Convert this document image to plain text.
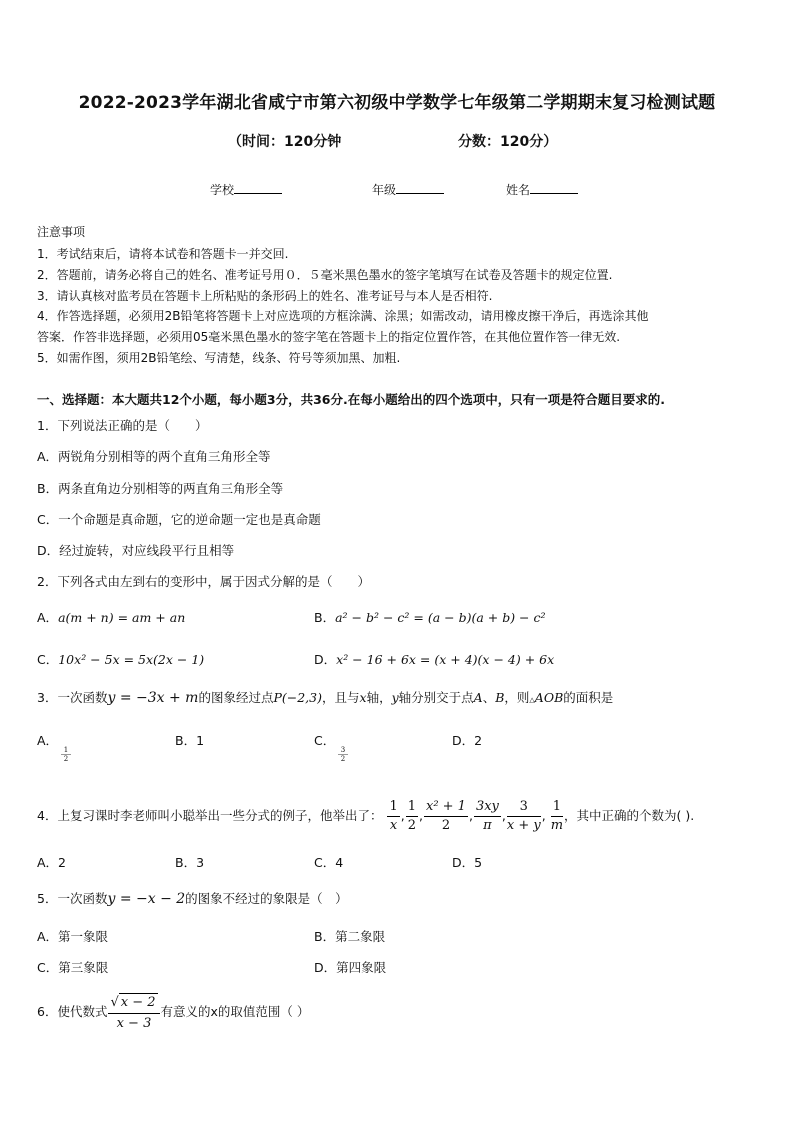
2022-2023学年湖北省咸宁市第六初级中学数学七年级第二学期期末复习检测试题
（时间：120分钟	分数：120分）
学校	年级	姓名
注意事项
1．考试结束后，请将本试卷和答题卡一并交回.
2．答题前，请务必将自己的姓名、准考证号用０．５毫米黑色墨水的签字笔填写在试卷及答题卡的规定位置.
3．请认真核对监考员在答题卡上所粘贴的条形码上的姓名、准考证号与本人是否相符.
4．作答选择题，必须用2B铅笔将答题卡上对应选项的方框涂满、涂黑；如需改动，请用橡皮擦干净后，再选涂其他
答案．作答非选择题，必须用05毫米黑色墨水的签字笔在答题卡上的指定位置作答，在其他位置作答一律无效.
5．如需作图，须用2B铅笔绘、写清楚，线条、符号等须加黑、加粗.
一、选择题：本大题共12个小题，每小题3分，共36分.在每小题给出的四个选项中，只有一项是符合题目要求的.
1．下列说法正确的是（　　）
A．两锐角分别相等的两个直角三角形全等
B．两条直角边分别相等的两直角三角形全等
C．一个命题是真命题，它的逆命题一定也是真命题
D．经过旋转，对应线段平行且相等
2．下列各式由左到右的变形中，属于因式分解的是（　　）
A．a(m + n) = am + an	B．a² − b² − c² = (a − b)(a + b) − c²
C．10x² − 5x = 5x(2x − 1)	D．x² − 16 + 6x = (x + 4)(x − 4) + 6x
3．一次函数y = −3x + m的图象经过点P(−2,3)，且与x轴，y轴分别交于点A、B，则△AOB的面积是
A．
$\frac{1}{2}$
B．1	C．
$\frac{3}{2}$
D．2
4．上复习课时李老师叫小聪举出一些分式的例子，他举出了： $\frac{1}{x}$ , $\frac{1}{2}$ , $\frac{\text{x² + 1}}{2}$ , $\frac{3xy}{\pi}$ , $\frac{3}{x + y}$ , $\frac{1}{m}$ ，其中正确的个数为( ).
A．2	B．3	C．4	D．5
5．一次函数y = −x − 2的图象不经过的象限是（　）
A．第一象限	B．第二象限
C．第三象限	D．第四象限
6．使代数式 $\frac{√ x - 2}{x - 3}$ 有意义的x的取值范围（ ）
